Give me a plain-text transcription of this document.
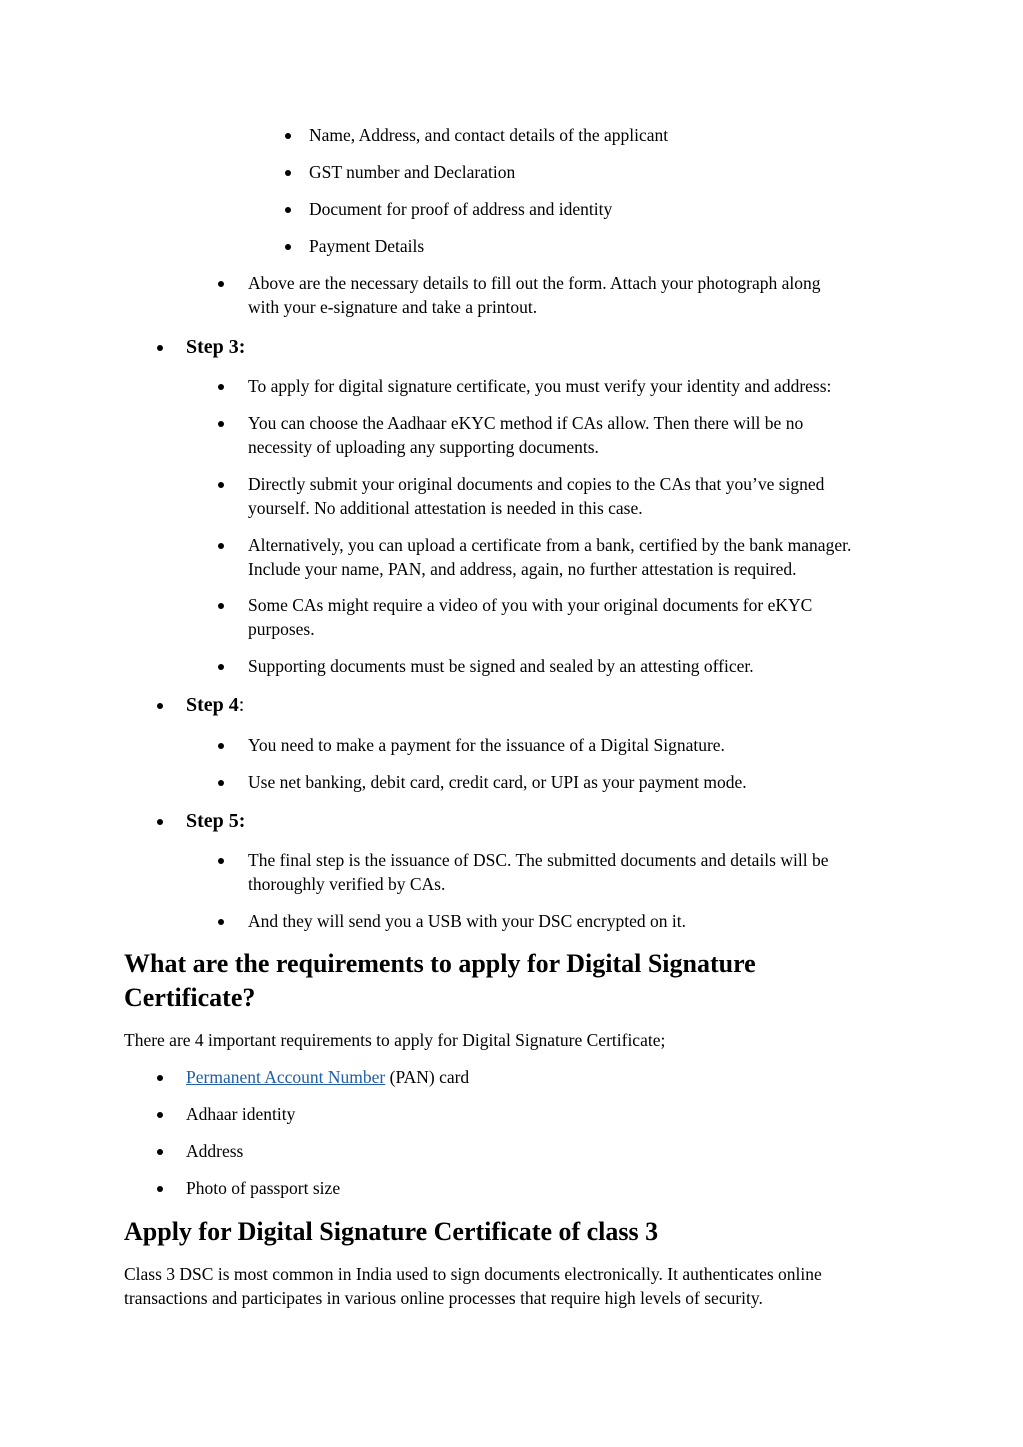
Name, Address, and contact details of the applicant
GST number and Declaration
Document for proof of address and identity
Payment Details
Above are the necessary details to fill out the form. Attach your photograph along
with your e-signature and take a printout.
Step 3:
To apply for digital signature certificate, you must verify your identity and address:
You can choose the Aadhaar eKYC method if CAs allow. Then there will be no
necessity of uploading any supporting documents.
Directly submit your original documents and copies to the CAs that you’ve signed
yourself. No additional attestation is needed in this case.
Alternatively, you can upload a certificate from a bank, certified by the bank manager.
Include your name, PAN, and address, again, no further attestation is required.
Some CAs might require a video of you with your original documents for eKYC
purposes.
Supporting documents must be signed and sealed by an attesting officer.
Step 4:
You need to make a payment for the issuance of a Digital Signature.
Use net banking, debit card, credit card, or UPI as your payment mode.
Step 5:
The final step is the issuance of DSC. The submitted documents and details will be
thoroughly verified by CAs.
And they will send you a USB with your DSC encrypted on it.
What are the requirements to apply for Digital Signature
Certificate?
There are 4 important requirements to apply for Digital Signature Certificate;
Permanent Account Number (PAN) card
Adhaar identity
Address
Photo of passport size
Apply for Digital Signature Certificate of class 3
Class 3 DSC is most common in India used to sign documents electronically. It authenticates online
transactions and participates in various online processes that require high levels of security.
